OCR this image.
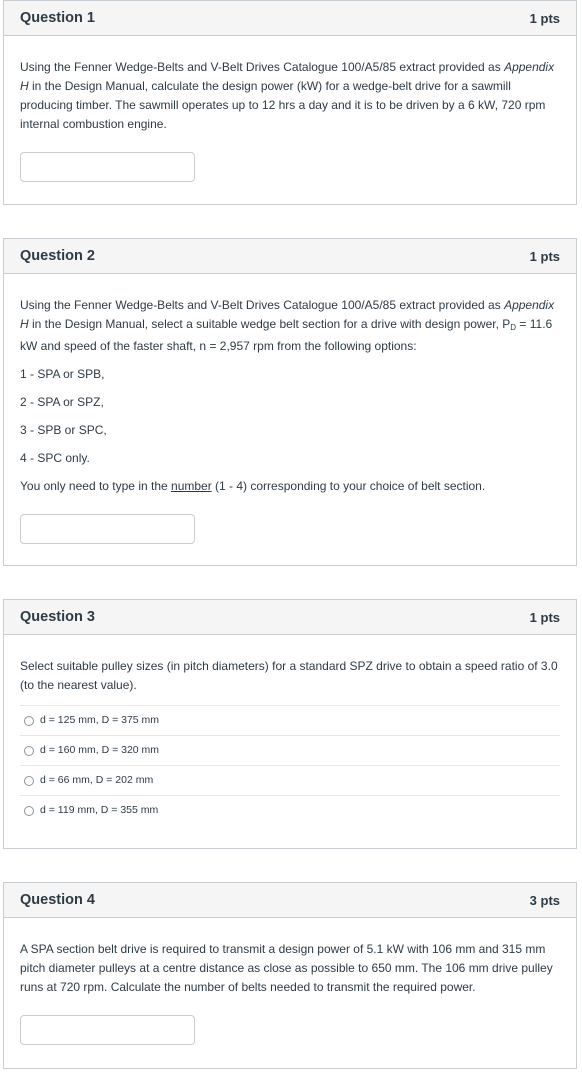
Question 1	1 pts

Using the Fenner Wedge-Belts and V-Belt Drives Catalogue 100/A5/85 extract provided as Appendix H in the Design Manual, calculate the design power (kW) for a wedge-belt drive for a sawmill producing timber. The sawmill operates up to 12 hrs a day and it is to be driven by a 6 kW, 720 rpm internal combustion engine.

Question 2	1 pts

Using the Fenner Wedge-Belts and V-Belt Drives Catalogue 100/A5/85 extract provided as Appendix H in the Design Manual, select a suitable wedge belt section for a drive with design power, $P_D = 11.6$ kW and speed of the faster shaft, n = 2,957 rpm from the following options:

1 - SPA or SPB,

2 - SPA or SPZ,

3 - SPB or SPC,

4 - SPC only.

You only need to type in the number (1 - 4) corresponding to your choice of belt section.

Question 3	1 pts

Select suitable pulley sizes (in pitch diameters) for a standard SPZ drive to obtain a speed ratio of 3.0 (to the nearest value).

d = 125 mm, D = 375 mm
d = 160 mm, D = 320 mm
d = 66 mm, D = 202 mm
d = 119 mm, D = 355 mm
Question 4	3 pts

A SPA section belt drive is required to transmit a design power of 5.1 kW with 106 mm and 315 mm pitch diameter pulleys at a centre distance as close as possible to 650 mm. The 106 mm drive pulley runs at 720 rpm. Calculate the number of belts needed to transmit the required power.
